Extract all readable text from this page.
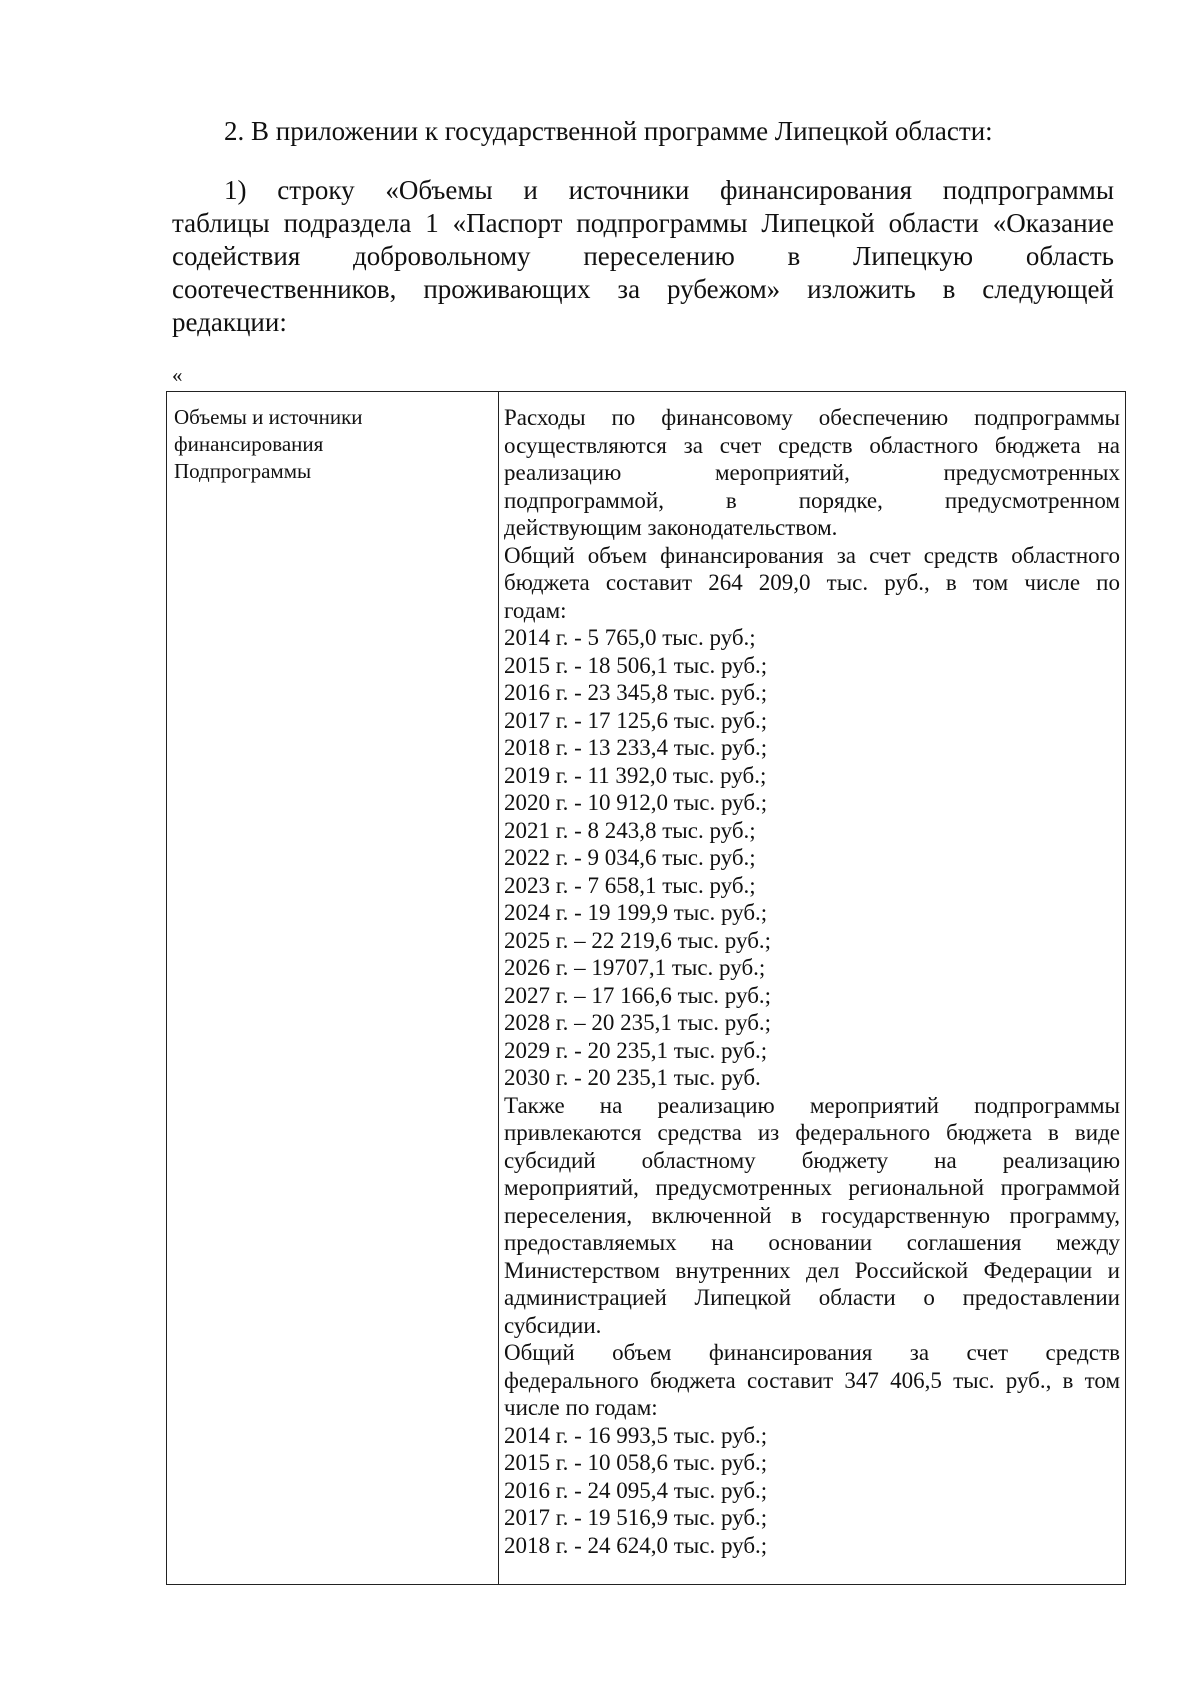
2. В приложении к государственной программе Липецкой области:
1) строку «Объемы и источники финансирования подпрограммы
таблицы подраздела 1 «Паспорт подпрограммы Липецкой области «Оказание
содействия добровольному переселению в Липецкую область
соотечественников, проживающих за рубежом» изложить в следующей
редакции:
«
Объемы и источники
финансирования
Подпрограммы
Расходы по финансовому обеспечению подпрограммы
осуществляются за счет средств областного бюджета на
реализацию мероприятий, предусмотренных
подпрограммой, в порядке, предусмотренном
действующим законодательством.
Общий объем финансирования за счет средств областного
бюджета составит 264 209,0 тыс. руб., в том числе по
годам:
2014 г. - 5 765,0 тыс. руб.;
2015 г. - 18 506,1 тыс. руб.;
2016 г. - 23 345,8 тыс. руб.;
2017 г. - 17 125,6 тыс. руб.;
2018 г. - 13 233,4 тыс. руб.;
2019 г. - 11 392,0 тыс. руб.;
2020 г. - 10 912,0 тыс. руб.;
2021 г. - 8 243,8 тыс. руб.;
2022 г. - 9 034,6 тыс. руб.;
2023 г. - 7 658,1 тыс. руб.;
2024 г. - 19 199,9 тыс. руб.;
2025 г. – 22 219,6 тыс. руб.;
2026 г. – 19707,1 тыс. руб.;
2027 г. – 17 166,6 тыс. руб.;
2028 г. – 20 235,1 тыс. руб.;
2029 г. - 20 235,1 тыс. руб.;
2030 г. - 20 235,1 тыс. руб.
Также на реализацию мероприятий подпрограммы
привлекаются средства из федерального бюджета в виде
субсидий областному бюджету на реализацию
мероприятий, предусмотренных региональной программой
переселения, включенной в государственную программу,
предоставляемых на основании соглашения между
Министерством внутренних дел Российской Федерации и
администрацией Липецкой области о предоставлении
субсидии.
Общий объем финансирования за счет средств
федерального бюджета составит 347 406,5 тыс. руб., в том
числе по годам:
2014 г. - 16 993,5 тыс. руб.;
2015 г. - 10 058,6 тыс. руб.;
2016 г. - 24 095,4 тыс. руб.;
2017 г. - 19 516,9 тыс. руб.;
2018 г. - 24 624,0 тыс. руб.;
